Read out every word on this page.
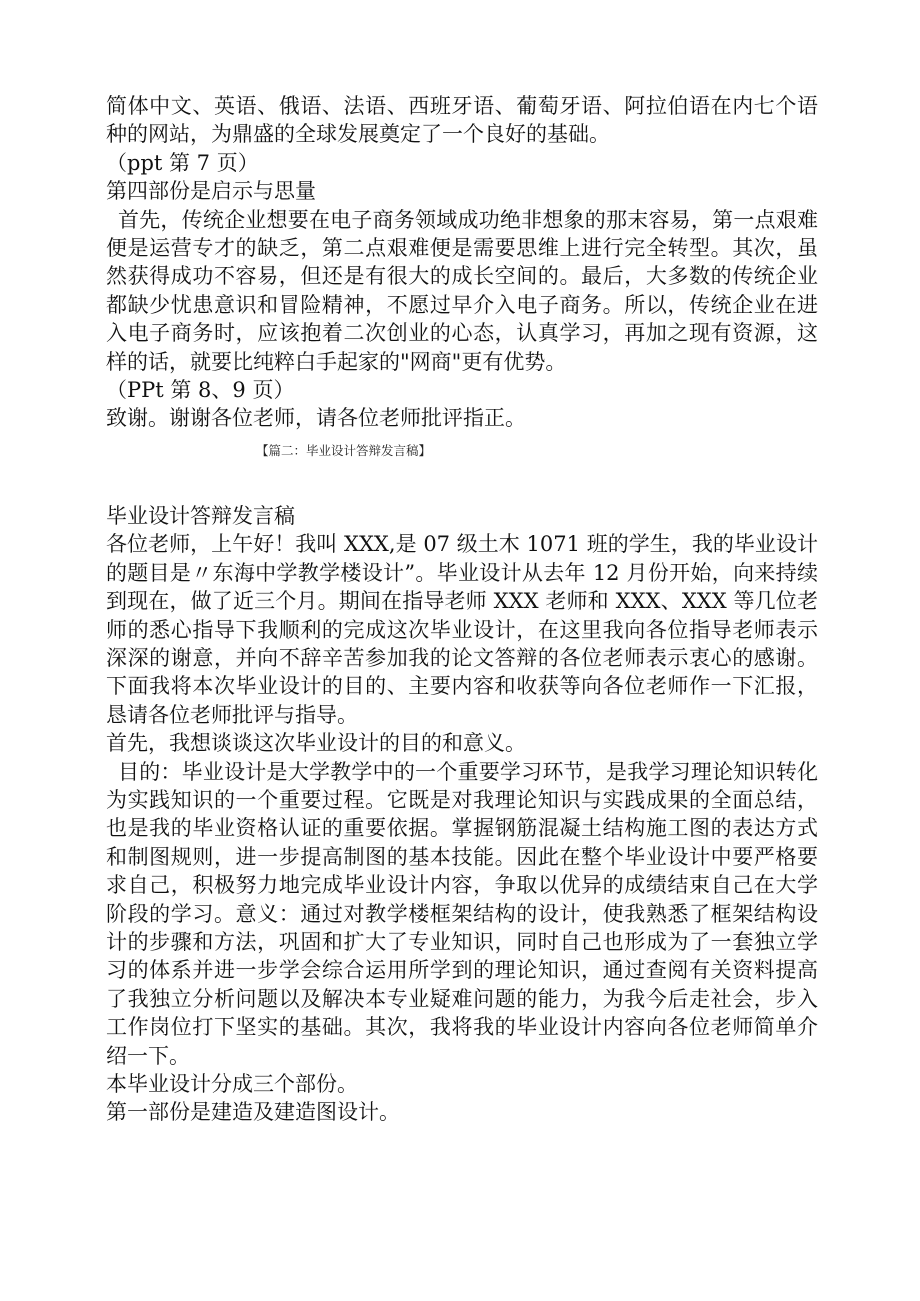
简体中文、英语、俄语、法语、西班牙语、葡萄牙语、阿拉伯语在内七个语种的网站，为鼎盛的全球发展奠定了一个良好的基础。

（ppt 第 7 页）

第四部份是启示与思量

首先，传统企业想要在电子商务领域成功绝非想象的那末容易，第一点艰难便是运营专才的缺乏，第二点艰难便是需要思维上进行完全转型。其次，虽然获得成功不容易，但还是有很大的成长空间的。最后，大多数的传统企业都缺少忧患意识和冒险精神，不愿过早介入电子商务。所以，传统企业在进入电子商务时，应该抱着二次创业的心态，认真学习，再加之现有资源，这样的话，就要比纯粹白手起家的"网商"更有优势。

（PPt 第 8、9 页）

致谢。谢谢各位老师，请各位老师批评指正。

【篇二：毕业设计答辩发言稿】

毕业设计答辩发言稿

各位老师，上午好！我叫 XXX,是 07 级土木 1071 班的学生，我的毕业设计的题目是〃东海中学教学楼设计”。毕业设计从去年 12 月份开始，向来持续到现在，做了近三个月。期间在指导老师 XXX 老师和 XXX、XXX 等几位老师的悉心指导下我顺利的完成这次毕业设计，在这里我向各位指导老师表示深深的谢意，并向不辞辛苦参加我的论文答辩的各位老师表示衷心的感谢。下面我将本次毕业设计的目的、主要内容和收获等向各位老师作一下汇报，恳请各位老师批评与指导。

首先，我想谈谈这次毕业设计的目的和意义。

目的：毕业设计是大学教学中的一个重要学习环节，是我学习理论知识转化为实践知识的一个重要过程。它既是对我理论知识与实践成果的全面总结，也是我的毕业资格认证的重要依据。掌握钢筋混凝土结构施工图的表达方式和制图规则，进一步提高制图的基本技能。因此在整个毕业设计中要严格要求自己，积极努力地完成毕业设计内容，争取以优异的成绩结束自己在大学阶段的学习。意义：通过对教学楼框架结构的设计，使我熟悉了框架结构设计的步骤和方法，巩固和扩大了专业知识，同时自己也形成为了一套独立学习的体系并进一步学会综合运用所学到的理论知识，通过查阅有关资料提高了我独立分析问题以及解决本专业疑难问题的能力，为我今后走社会，步入工作岗位打下坚实的基础。其次，我将我的毕业设计内容向各位老师简单介绍一下。

本毕业设计分成三个部份。

第一部份是建造及建造图设计。
